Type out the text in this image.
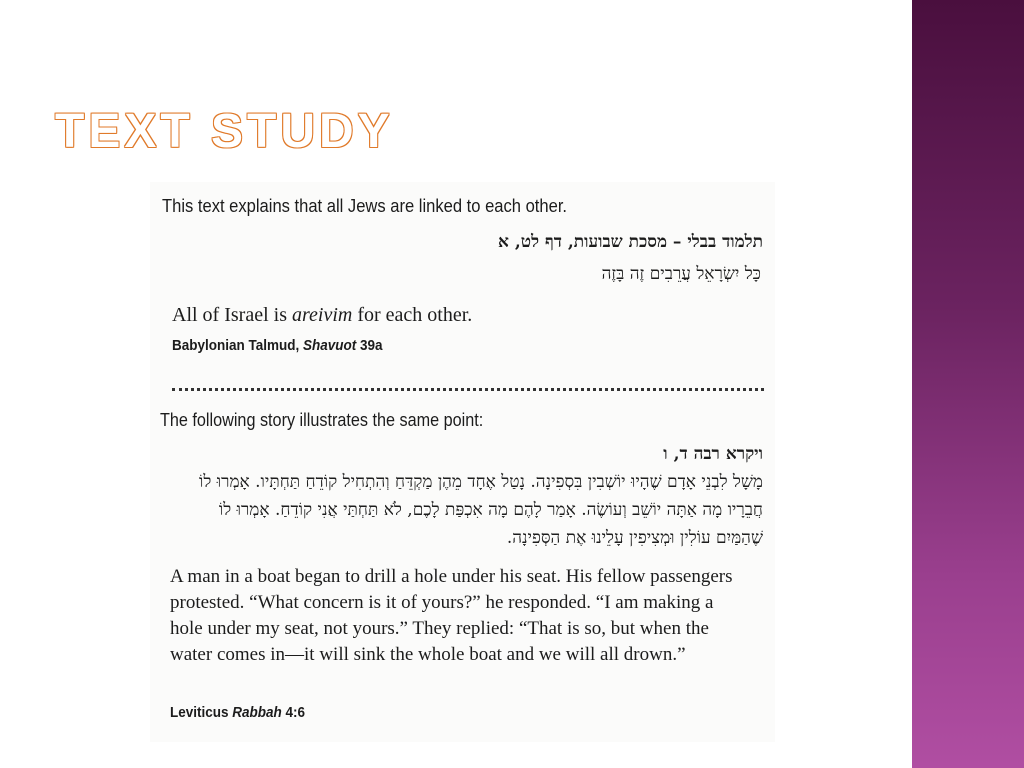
TEXT STUDY
This text explains that all Jews are linked to each other.
תלמוד בבלי – מסכת שבועות, דף לט, א
כָּל יִשְׂרָאֵל עֲרֵבִים זֶה בָּזֶה
All of Israel is areivim for each other.
Babylonian Talmud, Shavuot 39a
The following story illustrates the same point:
ויקרא רבה ד, ו
מָשָׁל לִבְנֵי אָדָם שֶׁהָיוּ יוֹשְׁבִין בִּסְפִינָה. נָטַל אֶחָד מֵהֶן מַקְדֵּחַ וְהִתְחִיל קוֹדֵחַ תַּחְתָּיו. אָמְרוּ לוֹ חֲבֵרָיו מָה אַתָּה יוֹשֵׁב וְעוֹשֶׂה. אָמַר לָהֶם מָה אִכְפַּת לָכֶם, לֹא תַּחְתַּי אֲנִי קוֹדֵחַ. אָמְרוּ לוֹ שֶׁהַמַּיִם עוֹלִין וּמְצִיפִין עָלֵינוּ אֶת הַסְּפִינָה.
A man in a boat began to drill a hole under his seat. His fellow passengers protested. “What concern is it of yours?” he responded. “I am making a hole under my seat, not yours.” They replied: “That is so, but when the water comes in—it will sink the whole boat and we will all drown.”
Leviticus Rabbah 4:6
